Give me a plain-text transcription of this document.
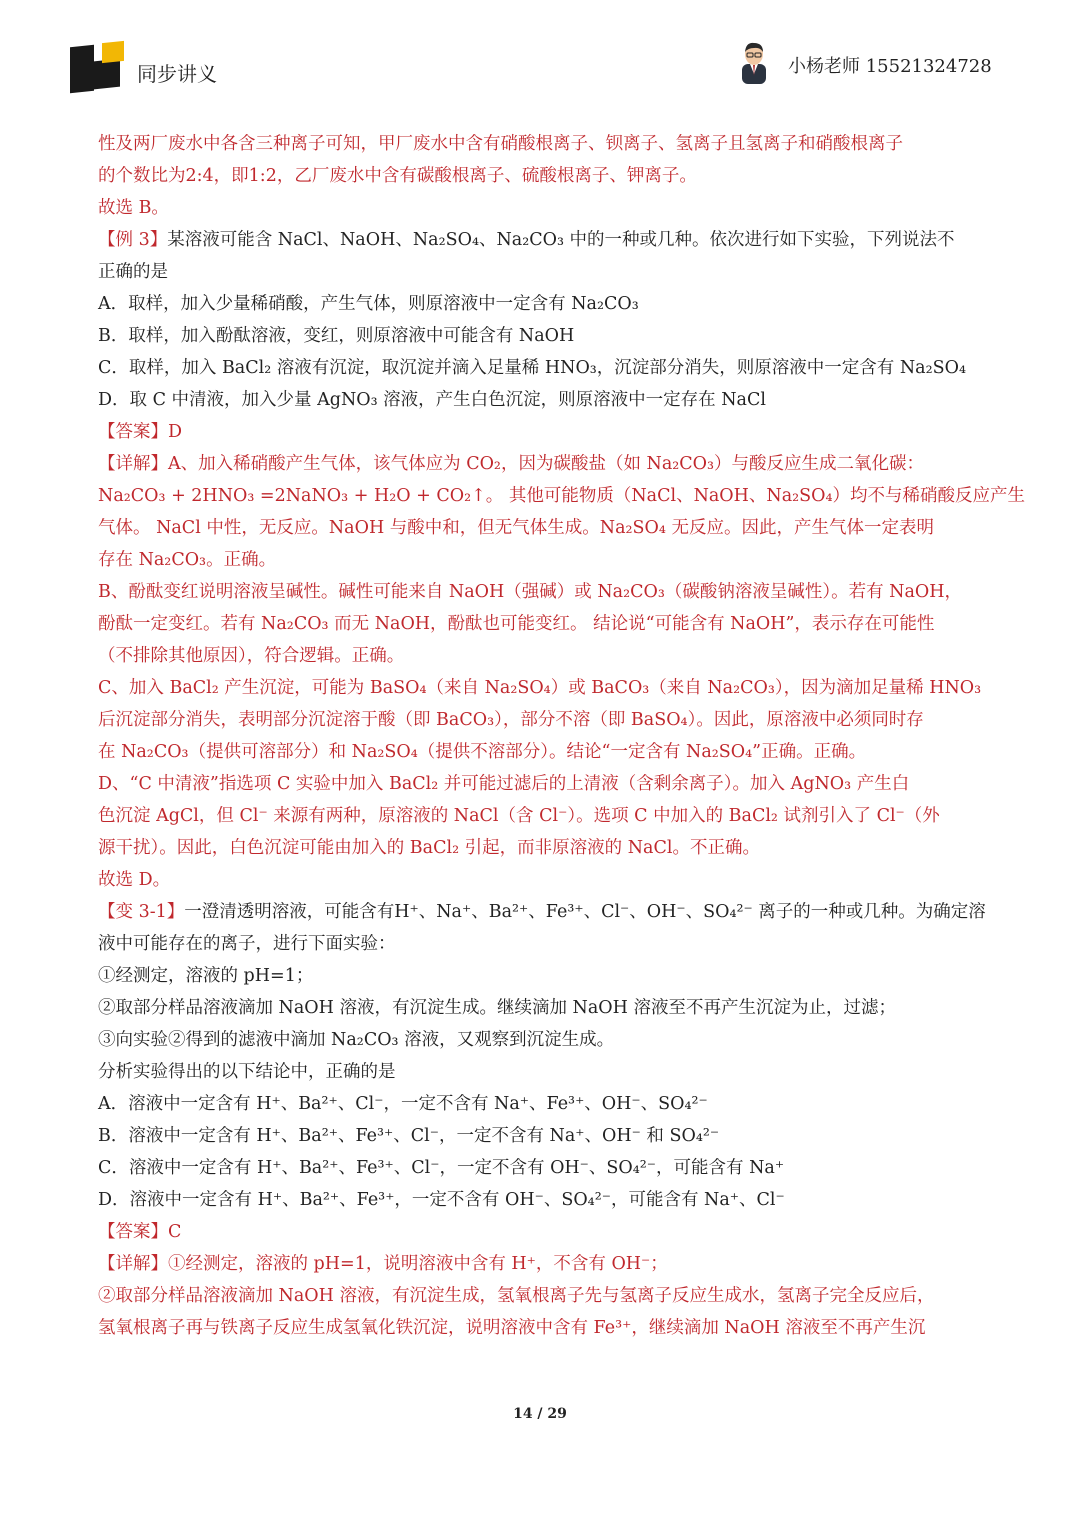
同步讲义	小杨老师 15521324728
性及两厂废水中各含三种离子可知，甲厂废水中含有硝酸根离子、钡离子、氢离子且氢离子和硝酸根离子
的个数比为2:4，即1:2，乙厂废水中含有碳酸根离子、硫酸根离子、钾离子。
故选 B。
【例 3】某溶液可能含 NaCl、NaOH、Na₂SO₄、Na₂CO₃ 中的一种或几种。依次进行如下实验，下列说法不
正确的是
A．取样，加入少量稀硝酸，产生气体，则原溶液中一定含有 Na₂CO₃
B．取样，加入酚酞溶液，变红，则原溶液中可能含有 NaOH
C．取样，加入 BaCl₂ 溶液有沉淀，取沉淀并滴入足量稀 HNO₃，沉淀部分消失，则原溶液中一定含有 Na₂SO₄
D．取 C 中清液，加入少量 AgNO₃ 溶液，产生白色沉淀，则原溶液中一定存在 NaCl
【答案】D
【详解】A、加入稀硝酸产生气体，该气体应为 CO₂，因为碳酸盐（如 Na₂CO₃）与酸反应生成二氧化碳：
Na₂CO₃ + 2HNO₃ =2NaNO₃ + H₂O + CO₂↑。 其他可能物质（NaCl、NaOH、Na₂SO₄）均不与稀硝酸反应产生
气体。 NaCl 中性，无反应。NaOH 与酸中和，但无气体生成。Na₂SO₄ 无反应。因此，产生气体一定表明
存在 Na₂CO₃。正确。
B、酚酞变红说明溶液呈碱性。碱性可能来自 NaOH（强碱）或 Na₂CO₃（碳酸钠溶液呈碱性）。若有 NaOH，
酚酞一定变红。若有 Na₂CO₃ 而无 NaOH，酚酞也可能变红。 结论说“可能含有 NaOH”，表示存在可能性
（不排除其他原因），符合逻辑。正确。
C、加入 BaCl₂ 产生沉淀，可能为 BaSO₄（来自 Na₂SO₄）或 BaCO₃（来自 Na₂CO₃），因为滴加足量稀 HNO₃
后沉淀部分消失，表明部分沉淀溶于酸（即 BaCO₃），部分不溶（即 BaSO₄）。因此，原溶液中必须同时存
在 Na₂CO₃（提供可溶部分）和 Na₂SO₄（提供不溶部分）。结论“一定含有 Na₂SO₄”正确。正确。
D、“C 中清液”指选项 C 实验中加入 BaCl₂ 并可能过滤后的上清液（含剩余离子）。加入 AgNO₃ 产生白
色沉淀 AgCl，但 Cl⁻ 来源有两种，原溶液的 NaCl（含 Cl⁻）。选项 C 中加入的 BaCl₂ 试剂引入了 Cl⁻（外
源干扰）。因此，白色沉淀可能由加入的 BaCl₂ 引起，而非原溶液的 NaCl。不正确。
故选 D。
【变 3-1】一澄清透明溶液，可能含有H⁺、Na⁺、Ba²⁺、Fe³⁺、Cl⁻、OH⁻、SO₄²⁻ 离子的一种或几种。为确定溶
液中可能存在的离子，进行下面实验：
①经测定，溶液的 pH=1；
②取部分样品溶液滴加 NaOH 溶液，有沉淀生成。继续滴加 NaOH 溶液至不再产生沉淀为止，过滤；
③向实验②得到的滤液中滴加 Na₂CO₃ 溶液，又观察到沉淀生成。
分析实验得出的以下结论中，正确的是
A．溶液中一定含有 H⁺、Ba²⁺、Cl⁻，一定不含有 Na⁺、Fe³⁺、OH⁻、SO₄²⁻
B．溶液中一定含有 H⁺、Ba²⁺、Fe³⁺、Cl⁻，一定不含有 Na⁺、OH⁻ 和 SO₄²⁻
C．溶液中一定含有 H⁺、Ba²⁺、Fe³⁺、Cl⁻，一定不含有 OH⁻、SO₄²⁻，可能含有 Na⁺
D．溶液中一定含有 H⁺、Ba²⁺、Fe³⁺，一定不含有 OH⁻、SO₄²⁻，可能含有 Na⁺、Cl⁻
【答案】C
【详解】①经测定，溶液的 pH=1，说明溶液中含有 H⁺，不含有 OH⁻；
②取部分样品溶液滴加 NaOH 溶液，有沉淀生成，氢氧根离子先与氢离子反应生成水，氢离子完全反应后，
氢氧根离子再与铁离子反应生成氢氧化铁沉淀，说明溶液中含有 Fe³⁺，继续滴加 NaOH 溶液至不再产生沉
14 / 29
